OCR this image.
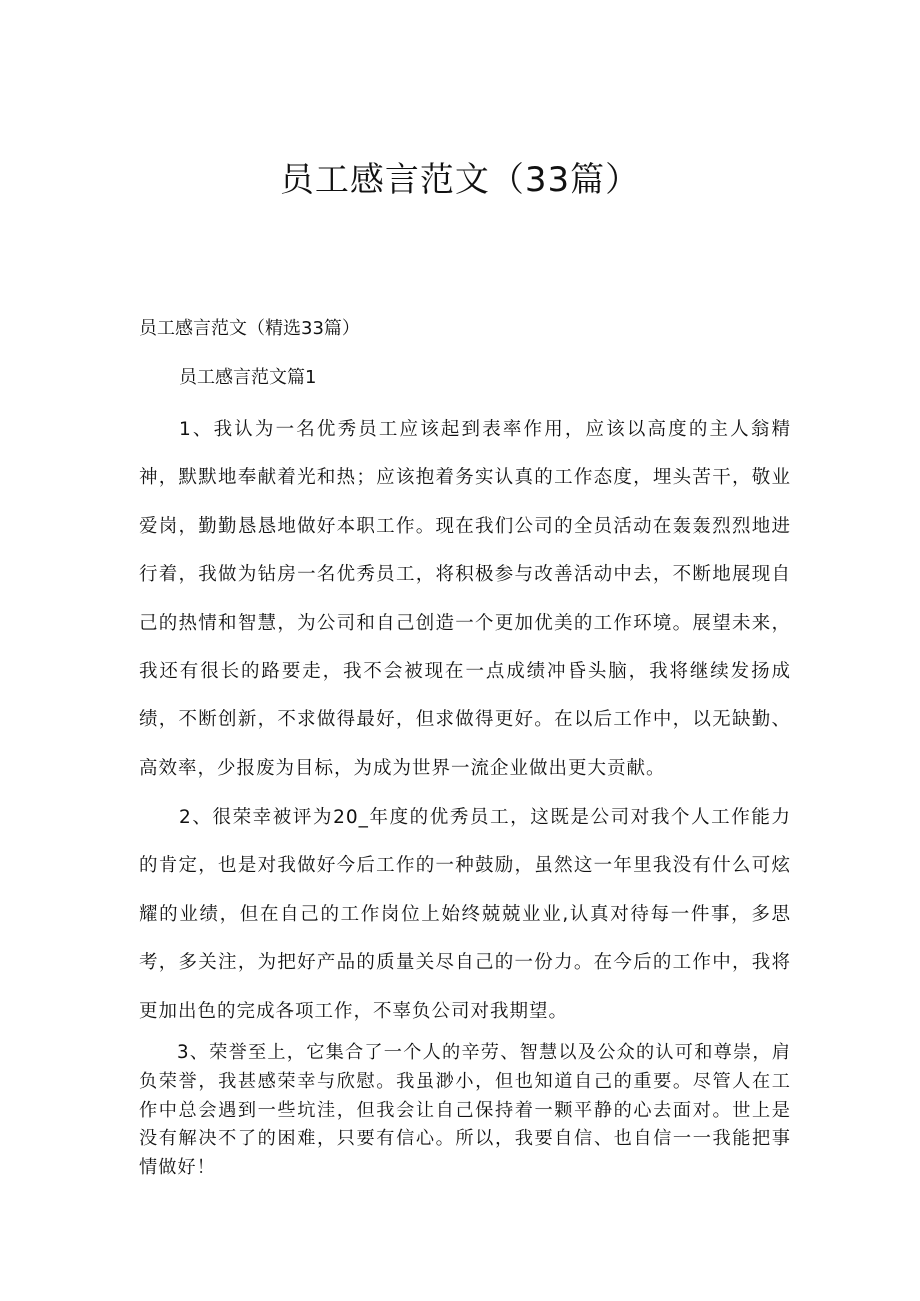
员工感言范文（33篇）
员工感言范文（精选33篇）
员工感言范文篇1
1、我认为一名优秀员工应该起到表率作用，应该以高度的主人翁精神，默默地奉献着光和热；应该抱着务实认真的工作态度，埋头苦干，敬业爱岗，勤勤恳恳地做好本职工作。现在我们公司的全员活动在轰轰烈烈地进行着，我做为钻房一名优秀员工，将积极参与改善活动中去，不断地展现自己的热情和智慧，为公司和自己创造一个更加优美的工作环境。展望未来，我还有很长的路要走，我不会被现在一点成绩冲昏头脑，我将继续发扬成绩，不断创新，不求做得最好，但求做得更好。在以后工作中，以无缺勤、高效率，少报废为目标，为成为世界一流企业做出更大贡献。
2、很荣幸被评为20_年度的优秀员工，这既是公司对我个人工作能力的肯定，也是对我做好今后工作的一种鼓励，虽然这一年里我没有什么可炫耀的业绩，但在自己的工作岗位上始终兢兢业业,认真对待每一件事，多思考，多关注，为把好产品的质量关尽自己的一份力。在今后的工作中，我将更加出色的完成各项工作，不辜负公司对我期望。
3、荣誉至上，它集合了一个人的辛劳、智慧以及公众的认可和尊崇，肩负荣誉，我甚感荣幸与欣慰。我虽渺小，但也知道自己的重要。尽管人在工作中总会遇到一些坑洼，但我会让自己保持着一颗平静的心去面对。世上是没有解决不了的困难，只要有信心。所以，我要自信、也自信一一我能把事情做好！
